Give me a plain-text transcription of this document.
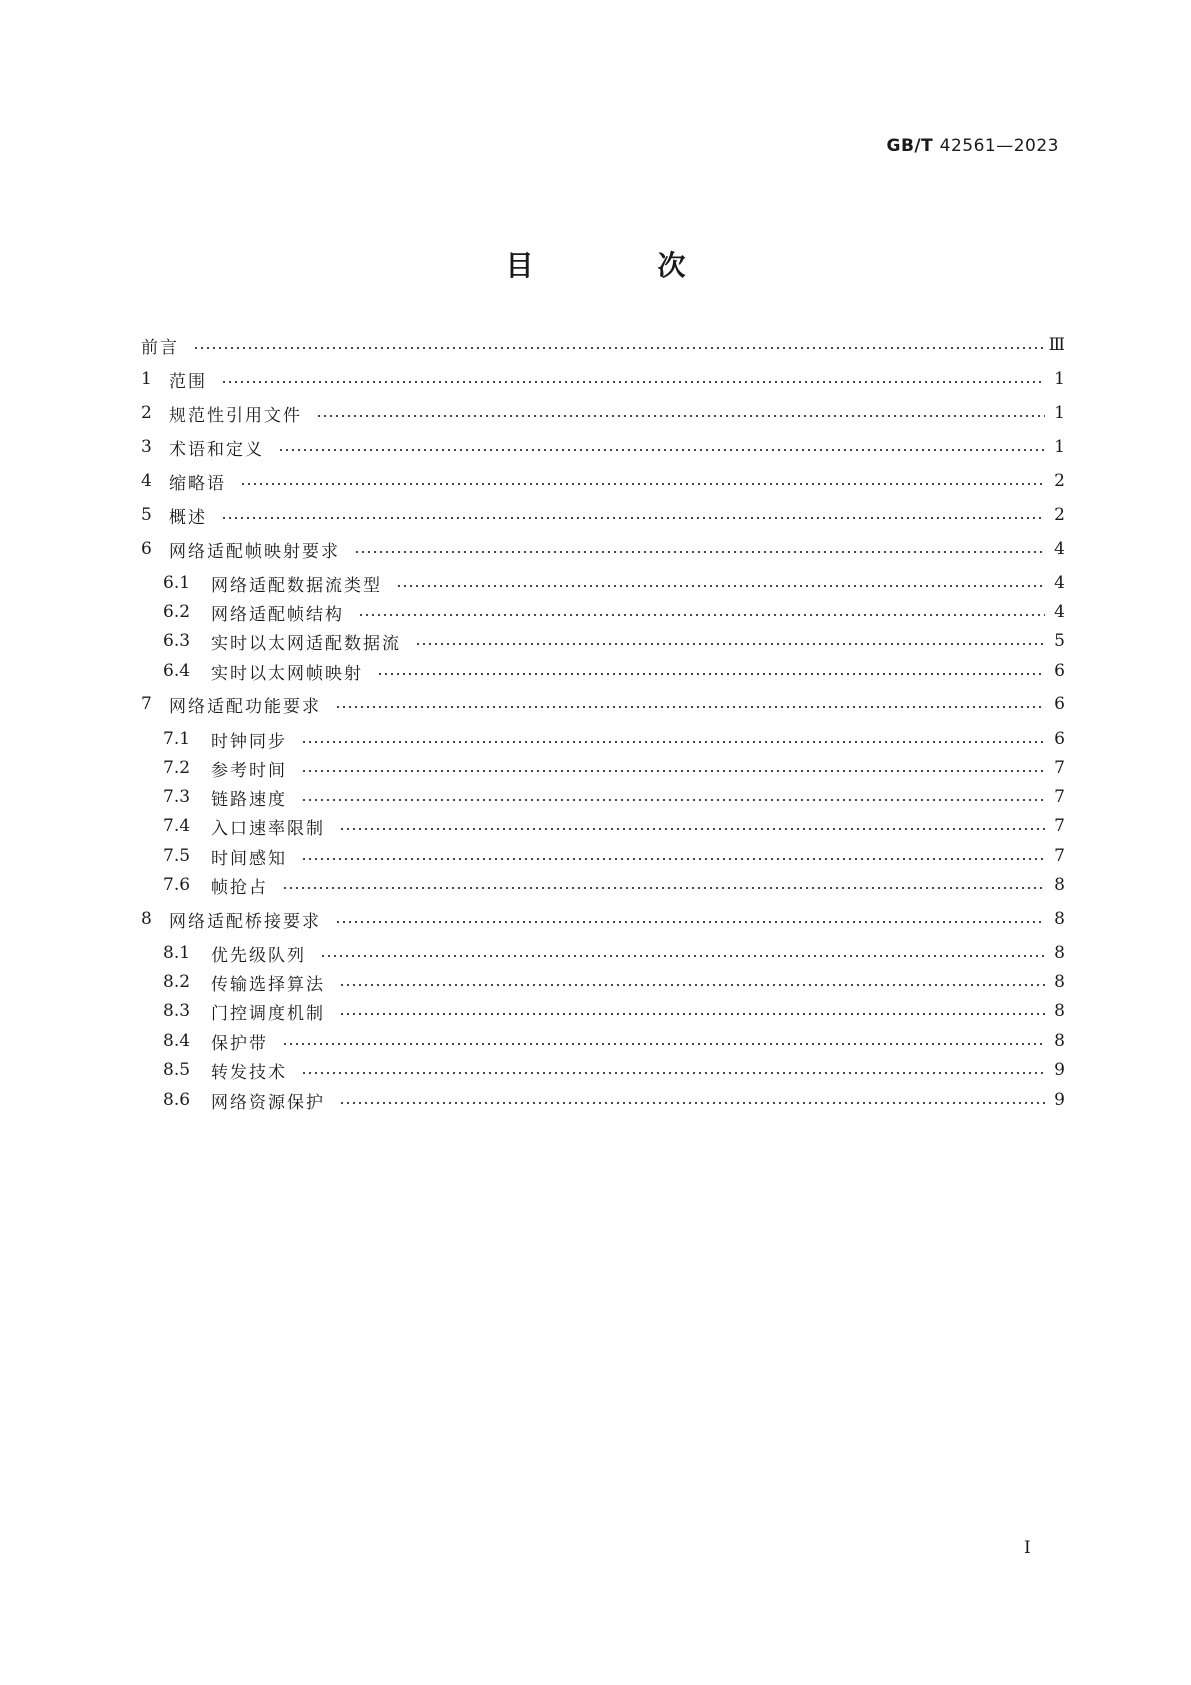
GB/T 42561—2023
目　次
前言	Ⅲ
1	范围	1
2	规范性引用文件	1
3	术语和定义	1
4	缩略语	2
5	概述	2
6	网络适配帧映射要求	4
6.1	网络适配数据流类型	4
6.2	网络适配帧结构	4
6.3	实时以太网适配数据流	5
6.4	实时以太网帧映射	6
7	网络适配功能要求	6
7.1	时钟同步	6
7.2	参考时间	7
7.3	链路速度	7
7.4	入口速率限制	7
7.5	时间感知	7
7.6	帧抢占	8
8	网络适配桥接要求	8
8.1	优先级队列	8
8.2	传输选择算法	8
8.3	门控调度机制	8
8.4	保护带	8
8.5	转发技术	9
8.6	网络资源保护	9
Ⅰ
